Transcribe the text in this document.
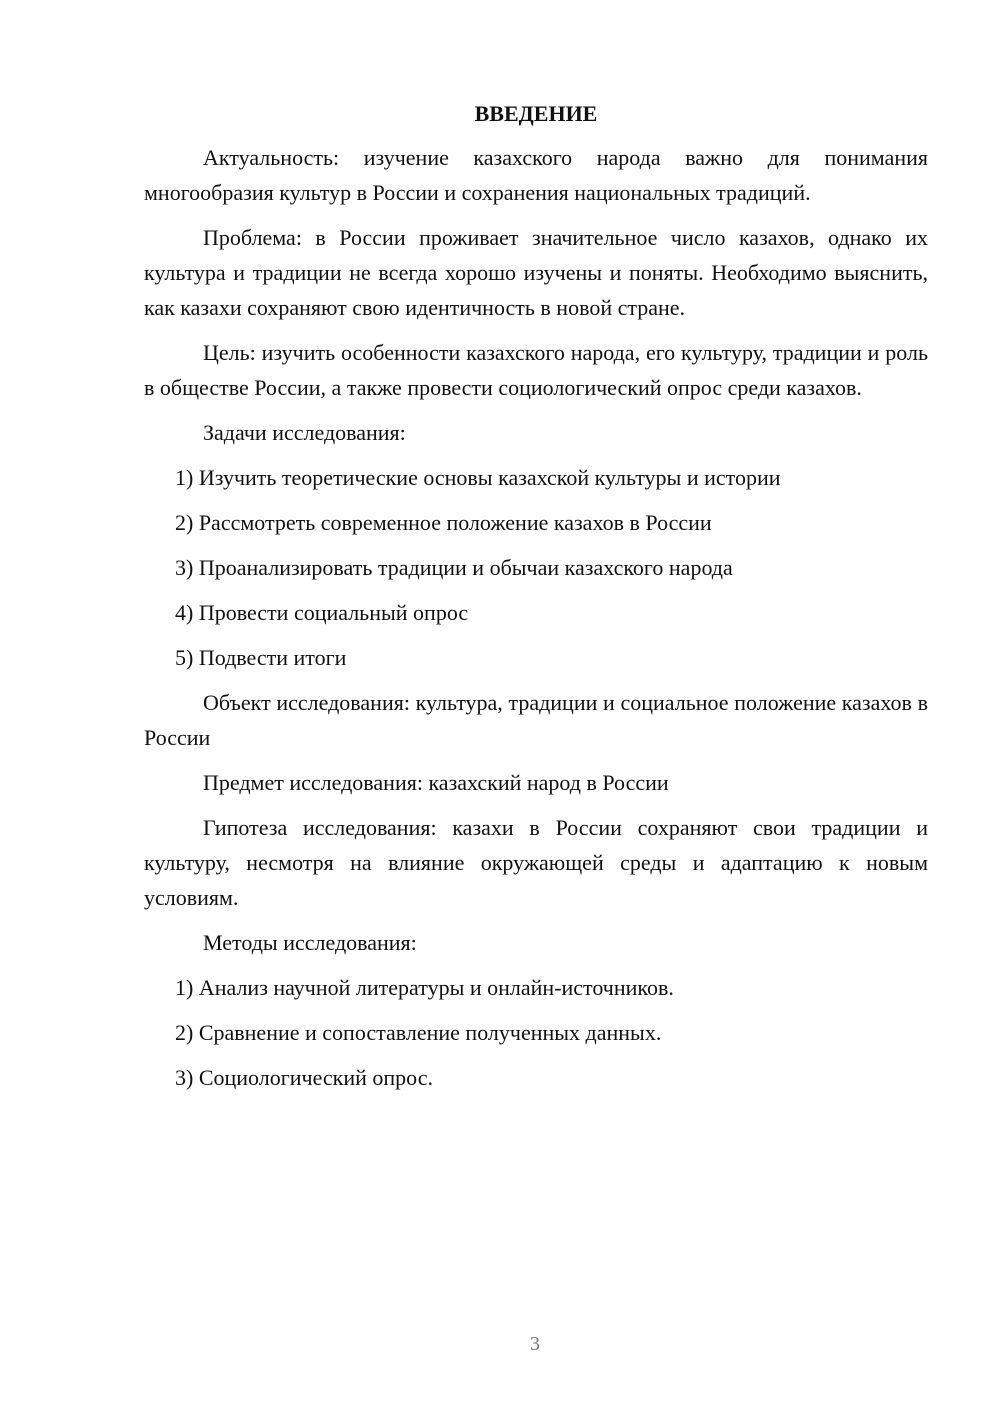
ВВЕДЕНИЕ

Актуальность: изучение казахского народа важно для понимания многообразия культур в России и сохранения национальных традиций.

Проблема: в России проживает значительное число казахов, однако их культура и традиции не всегда хорошо изучены и поняты. Необходимо выяснить, как казахи сохраняют свою идентичность в новой стране.

Цель: изучить особенности казахского народа, его культуру, традиции и роль в обществе России, а также провести социологический опрос среди казахов.

Задачи исследования:

1) Изучить теоретические основы казахской культуры и истории
2) Рассмотреть современное положение казахов в России
3) Проанализировать традиции и обычаи казахского народа
4) Провести социальный опрос
5) Подвести итоги

Объект исследования: культура, традиции и социальное положение казахов в России

Предмет исследования: казахский народ в России

Гипотеза исследования: казахи в России сохраняют свои традиции и культуру, несмотря на влияние окружающей среды и адаптацию к новым условиям.

Методы исследования:

1) Анализ научной литературы и онлайн-источников.
2) Сравнение и сопоставление полученных данных.
3) Социологический опрос.
3
